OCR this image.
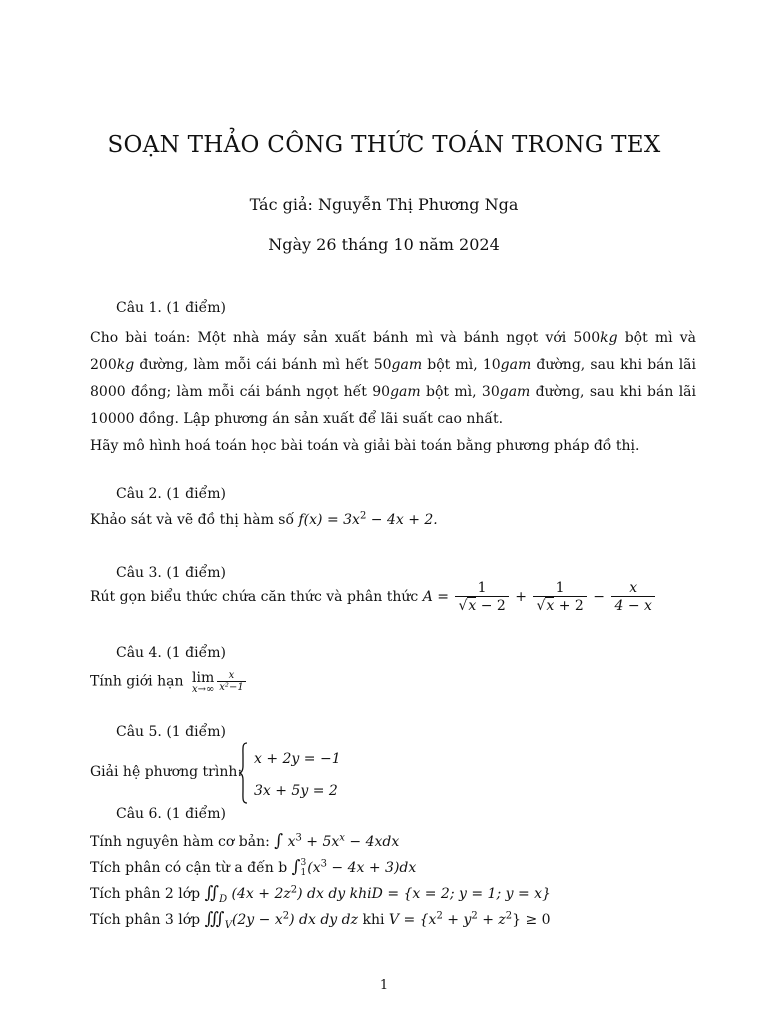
SOẠN THẢO CÔNG THỨC TOÁN TRONG TEX
Tác giả: Nguyễn Thị Phương Nga
Ngày 26 tháng 10 năm 2024
Câu 1. (1 điểm)
Cho bài toán: Một nhà máy sản xuất bánh mì và bánh ngọt với 500kg bột mì và 200kg đường, làm mỗi cái bánh mì hết 50gam bột mì, 10gam đường, sau khi bán lãi 8000 đồng; làm mỗi cái bánh ngọt hết 90gam bột mì, 30gam đường, sau khi bán lãi 10000 đồng. Lập phương án sản xuất để lãi suất cao nhất.
Hãy mô hình hoá toán học bài toán và giải bài toán bằng phương pháp đồ thị.
Câu 2. (1 điểm)
Khảo sát và vẽ đồ thị hàm số $f(x) = 3x^2 - 4x + 2$.
Câu 3. (1 điểm)
Rút gọn biểu thức chứa căn thức và phân thức $A = \frac{1}{√x - 2} + \frac{1}{√x + 2} - \frac{x}{4 - x}$
Câu 4. (1 điểm)
Tính giới hạn lim
$x\to\infty \frac{x}{\text{x²−1}}$
Câu 5. (1 điểm)
Giải hệ phương trình:
x + 2y = −1
3x + 5y = 2
Câu 6. (1 điểm)
Tính nguyên hàm cơ bản: ∫ $x^3 + 5x^x - 4xdx$
Tích phân có cận từ a đến b ∫ 3
1 $(x^3 - 4x + 3)dx$
Tích phân 2 lớp $∬_D$ $(4x + 2z^2)$ dx dy khiD = {x = 2; y = 1; y = x}
Tích phân 3 lớp $∭_V(2y - x^2)$ dx dy dz khi $V = \{x^2 + y^2 + z^2\} \ge 0$
1
